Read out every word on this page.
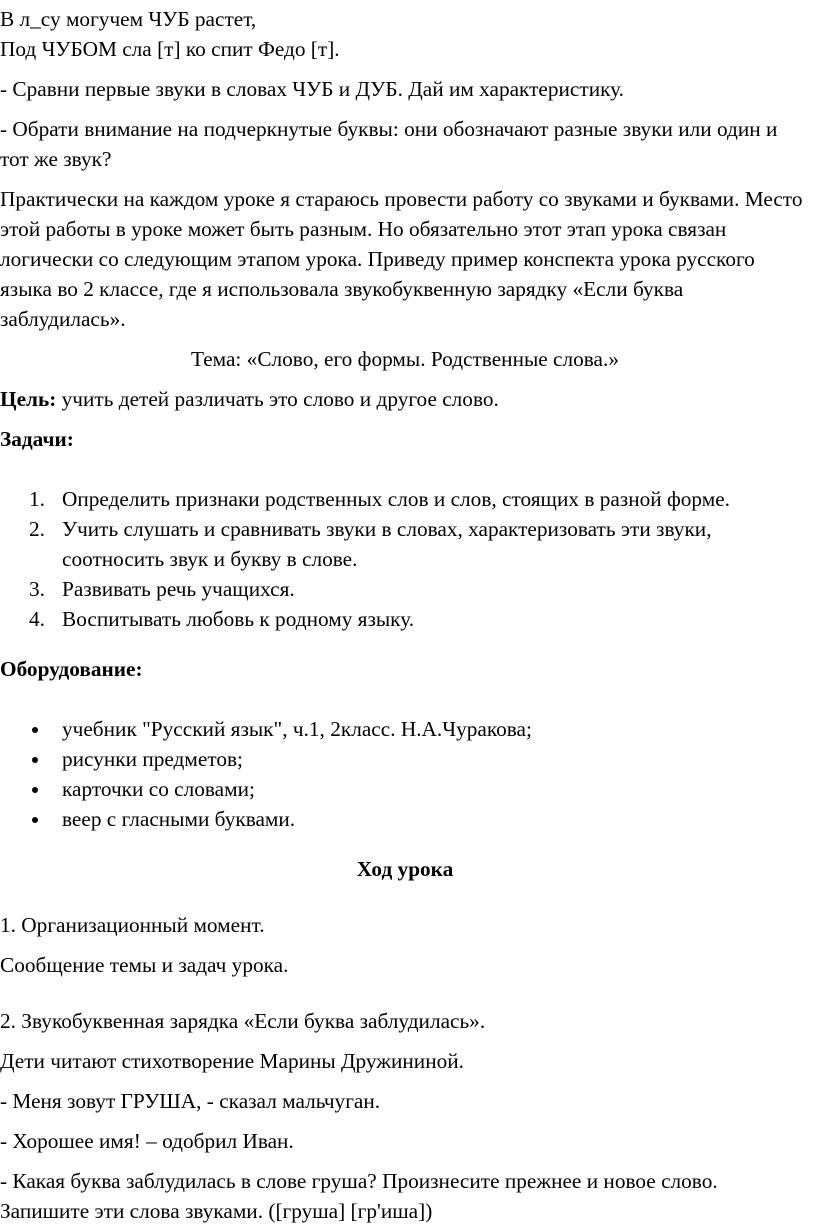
В л_су могучем ЧУБ растет,

Под ЧУБОМ сла [т] ко спит Федо [т].

- Сравни первые звуки в словах ЧУБ и ДУБ. Дай им характеристику.

- Обрати внимание на подчеркнутые буквы: они обозначают разные звуки или один и тот же звук?

Практически на каждом уроке я стараюсь провести работу со звуками и буквами. Место этой работы в уроке может быть разным. Но обязательно этот этап урока связан логически со следующим этапом урока. Приведу пример конспекта урока русского языка во 2 классе, где я использовала звукобуквенную зарядку «Если буква заблудилась».

Тема: «Слово, его формы. Родственные слова.»

Цель: учить детей различать это слово и другое слово.

Задачи:

1. Определить признаки родственных слов и слов, стоящих в разной форме.
2. Учить слушать и сравнивать звуки в словах, характеризовать эти звуки, соотносить звук и букву в слове.
3. Развивать речь учащихся.
4. Воспитывать любовь к родному языку.

Оборудование:

учебник "Русский язык", ч.1, 2класс. Н.А.Чуракова;
рисунки предметов;
карточки со словами;
веер с гласными буквами.

Ход урока

1. Организационный момент.

Сообщение темы и задач урока.

2. Звукобуквенная зарядка «Если буква заблудилась».

Дети читают стихотворение Марины Дружининой.

- Меня зовут ГРУША, - сказал мальчуган.

- Хорошее имя! – одобрил Иван.

- Какая буква заблудилась в слове груша? Произнесите прежнее и новое слово. Запишите эти слова звуками. ([груша] [гр'иша])
